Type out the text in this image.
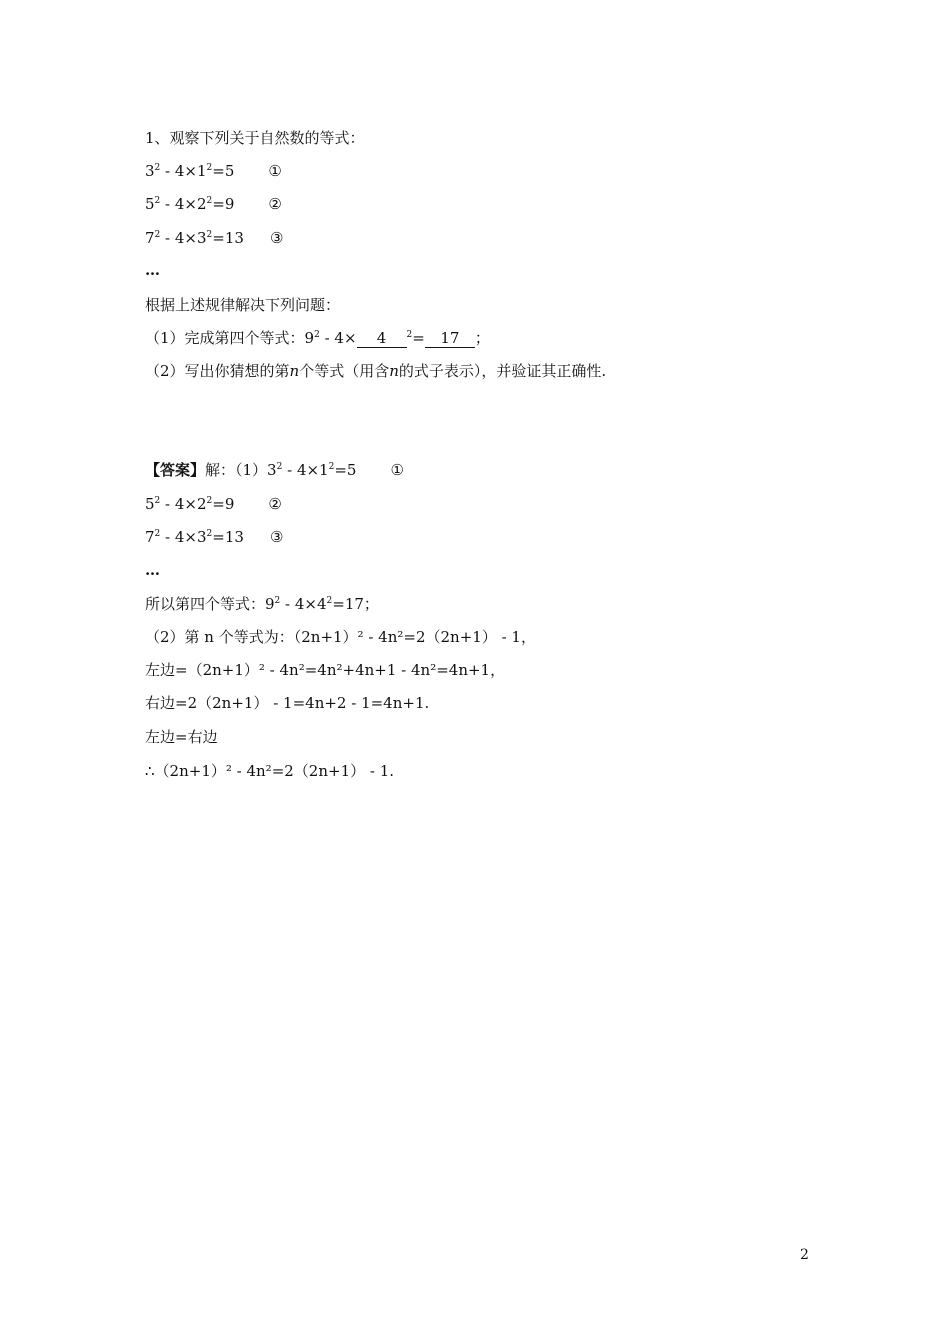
1、观察下列关于自然数的等式：
$3^2 - 4\times 1^2=5$ ①
$5^2 - 4\times 2^2=9$ ②
$7^2 - 4\times 3^2=13$ ③
…
根据上述规律解决下列问题：
（1）完成第四个等式：$9^2 - 4\times 4$ $^2$= 17 ；
（2）写出你猜想的第n个等式（用含n的式子表示），并验证其正确性.
【答案】解：$(1)3^2 - 4\times 1^2=5$ ①
$5^2 - 4\times 2^2=9$ ②
$7^2 - 4\times 3^2=13$ ③
…
所以第四个等式：$9^2 - 4\times 4^2=17$；
（2）第 n 个等式为：（2n+1）² - 4n²=2（2n+1） - 1，
左边=（2n+1）² - 4n²=4n²+4n+1 - 4n²=4n+1，
右边=2（2n+1） - 1=4n+2 - 1=4n+1.
左边=右边
∴（2n+1）² - 4n²=2（2n+1） - 1.
2
